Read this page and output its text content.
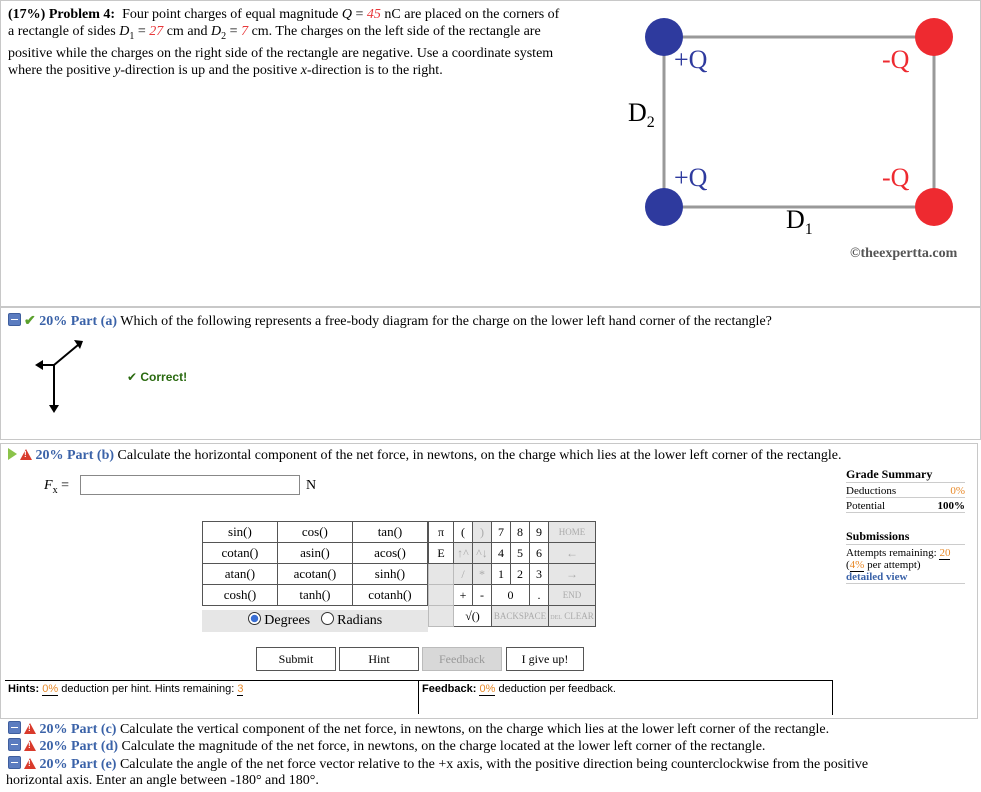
(17%) Problem 4: Four point charges of equal magnitude Q = 45 nC are placed on the corners of
a rectangle of sides $D_1 = 27$ cm and $D_2 = 7$ cm. The charges on the left side of the rectangle are
positive while the charges on the right side of the rectangle are negative. Use a coordinate system
where the positive y-direction is up and the positive x-direction is to the right.	+Q	-Q
+Q	-Q
$D_2$
$D_1$
©theexpertta.com
✔ 20% Part (a) Which of the following represents a free-body diagram for the charge on the lower left hand corner of the rectangle?
✔ Correct!
! 20% Part (b) Calculate the horizontal component of the net force, in newtons, on the charge which lies at the lower left corner of the rectangle.
$F_x$ =	N
sin()	cos()	tan()
cotan()	asin()	acos()
atan()	acotan()	sinh()
cosh()	tanh()	cotanh()
Degrees Radians
π	(	)	7	8	9	HOME
E	↑^	^↓	4	5	6	←
	/	*	1	2	3	→
	+	-	0		.	END
	√()		BACKSPACE			DEL CLEAR
Submit	Hint	Feedback	I give up!
Hints: 0% deduction per hint. Hints remaining: 3	Feedback: 0% deduction per feedback.
Grade Summary
Deductions	0%
Potential	100%
Submissions
Attempts remaining: 20
(4% per attempt)
detailed view
! 20% Part (c) Calculate the vertical component of the net force, in newtons, on the charge which lies at the lower left corner of the rectangle.
! 20% Part (d) Calculate the magnitude of the net force, in newtons, on the charge located at the lower left corner of the rectangle.
! 20% Part (e) Calculate the angle of the net force vector relative to the +x axis, with the positive direction being counterclockwise from the positive
horizontal axis. Enter an angle between -180° and 180°.
